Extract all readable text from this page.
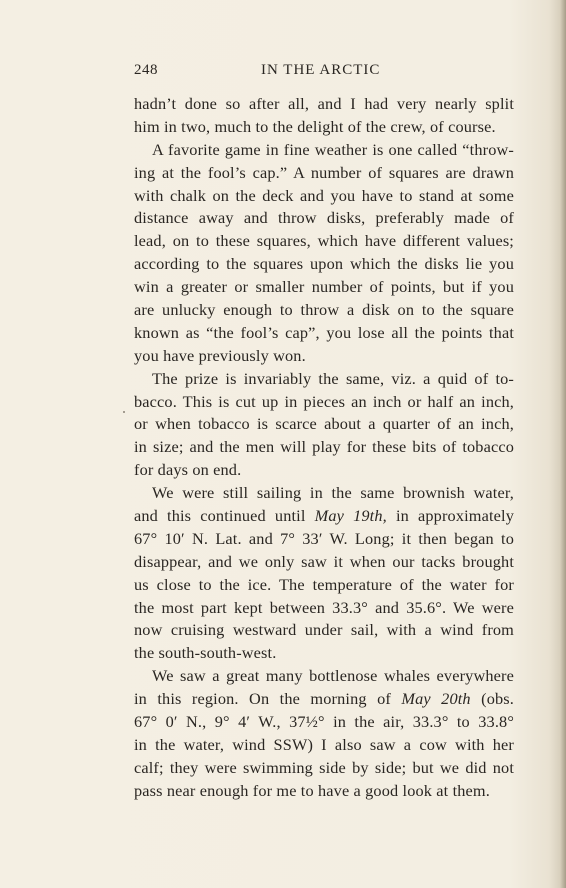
248	IN THE ARCTIC
hadn’t done so after all, and I had very nearly split
him in two, much to the delight of the crew, of course.
A favorite game in fine weather is one called “throw-
ing at the fool’s cap.” A number of squares are drawn
with chalk on the deck and you have to stand at some
distance away and throw disks, preferably made of
lead, on to these squares, which have different values;
according to the squares upon which the disks lie you
win a greater or smaller number of points, but if you
are unlucky enough to throw a disk on to the square
known as “the fool’s cap”, you lose all the points that
you have previously won.
The prize is invariably the same, viz. a quid of to-
bacco. This is cut up in pieces an inch or half an inch,
or when tobacco is scarce about a quarter of an inch,
in size; and the men will play for these bits of tobacco
for days on end.
We were still sailing in the same brownish water,
and this continued until May 19th, in approximately
67° 10′ N. Lat. and 7° 33′ W. Long; it then began to
disappear, and we only saw it when our tacks brought
us close to the ice. The temperature of the water for
the most part kept between 33.3° and 35.6°. We were
now cruising westward under sail, with a wind from
the south-south-west.
We saw a great many bottlenose whales everywhere
in this region. On the morning of May 20th (obs.
67° 0′ N., 9° 4′ W., 37½° in the air, 33.3° to 33.8°
in the water, wind SSW) I also saw a cow with her
calf; they were swimming side by side; but we did not
pass near enough for me to have a good look at them.
